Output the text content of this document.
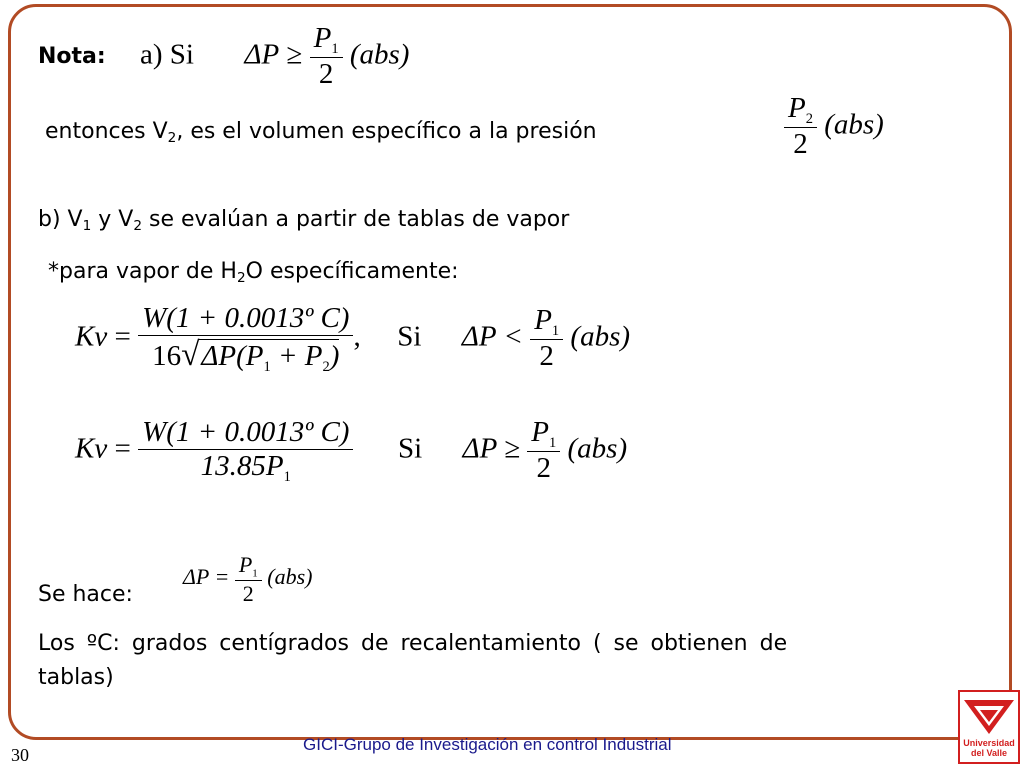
Nota: a) Si $\Delta P \ge \frac{P1}{2} (abs)$
entonces $V_2$, es el volumen específico a la presión	$\frac{P2}{2} (abs)$
b) $V_1$ y $V_2$ se evalúan a partir de tablas de vapor
*para vapor de $H_2O$ específicamente:
$Kv = \frac{\text{W(1 + 0.0013º C)}}{16√\Delta P(P1 + P2)}$ , Si $\Delta P < \frac{P1}{2} (abs)$
$Kv = \frac{\text{W(1 + 0.0013º C)}}{13.85P1}$ Si $\Delta P \ge \frac{P1}{2} (abs)$
Se hace:
$\Delta P = \frac{P_1}{2} (abs)$
Los ºC: grados centígrados de recalentamiento ( se obtienen de
tablas)
GICI-Grupo de Investigación en control Industrial
30
Universidad
del Valle
